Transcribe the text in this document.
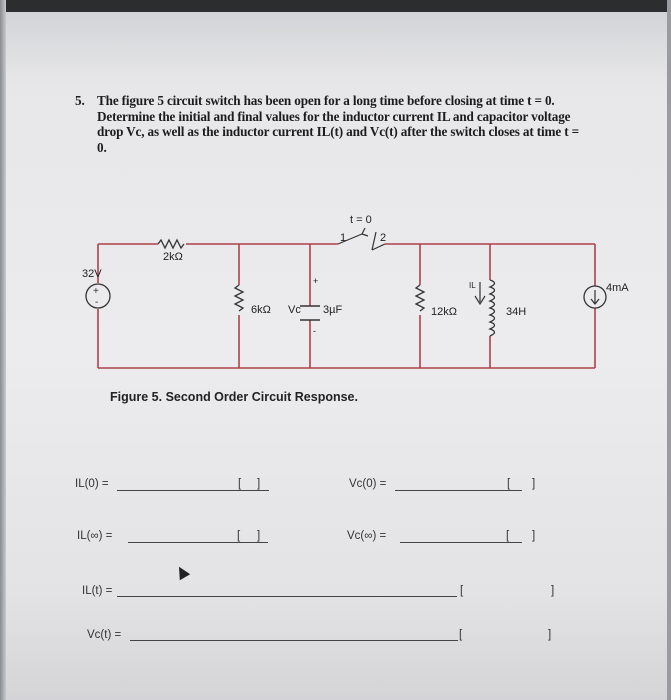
5. The figure 5 circuit switch has been open for a long time before closing at time t = 0.
Determine the initial and final values for the inductor current IL and capacitor voltage
drop Vc, as well as the inductor current IL(t) and Vc(t) after the switch closes at time t =
0.
+
-
t = 0
1	2
2kΩ
32V
6kΩ Vc 3µF
+
-
12kΩ
IL
34H
4mA
Figure 5. Second Order Circuit Response.
IL(0) =	[ ]	Vc(0) =	[ ]
IL(∞) =	[ ]	Vc(∞) =	[ ]
IL(t) =	[	]
Vc(t) =	[	]
